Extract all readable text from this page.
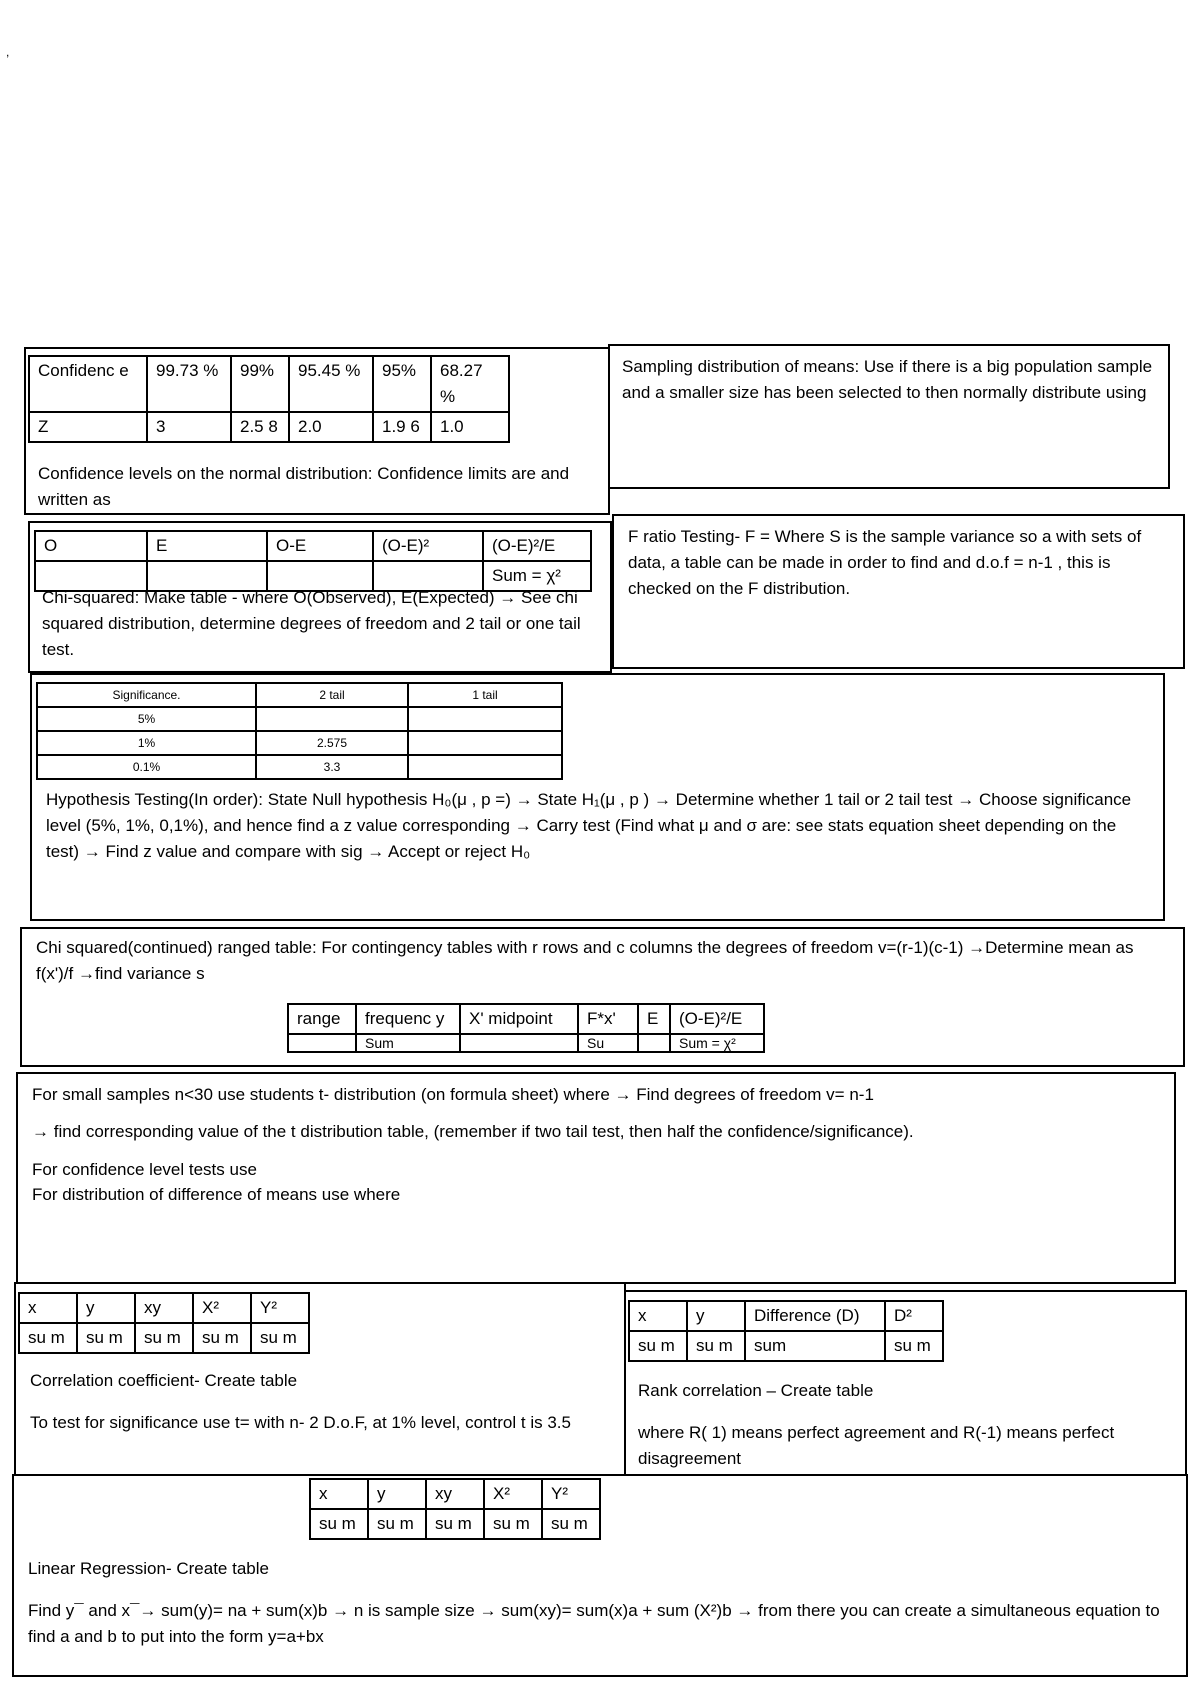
,
Confidenc e	99.73 %	99%	95.45 %	95%	68.27 %
Z	3	2.5 8	2.0	1.9 6	1.0
Confidence levels on the normal distribution: Confidence limits are and written as
Sampling distribution of means: Use if there is a big population sample and a smaller size has been selected to then normally distribute using
O	E	O-E	(O-E)²	(O-E)²/E
				Sum = χ²
Chi-squared: Make table - where O(Observed), E(Expected) → See chi squared distribution, determine degrees of freedom and 2 tail or one tail test.
F ratio Testing- F = Where S is the sample variance so a with sets of data, a table can be made in order to find and d.o.f = n-1 , this is checked on the F distribution.
Significance.	2 tail	1 tail
5%		
1%	2.575	
0.1%	3.3	
Hypothesis Testing(In order): State Null hypothesis H₀(μ , p =) → State H₁(μ , p ) → Determine whether 1 tail or 2 tail test → Choose significance level (5%, 1%, 0,1%), and hence find a z value corresponding → Carry test (Find what μ and σ are: see stats equation sheet depending on the test) → Find z value and compare with sig → Accept or reject H₀
Chi squared(continued) ranged table: For contingency tables with r rows and c columns the degrees of freedom v=(r-1)(c-1) →Determine mean as f(x')/f →find variance s
For small samples n<30 use students t- distribution (on formula sheet) where → Find degrees of freedom v= n-1
→ find corresponding value of the t distribution table, (remember if two tail test, then half the confidence/significance).
For confidence level tests use
For distribution of difference of means use where
range	frequenc y	X' midpoint	F*x'	E	(O-E)²/E
	Sum		Su		Sum = χ²
x	y	xy	X²	Y²
su m	su m	su m	su m	su m
Correlation coefficient- Create table
To test for significance use t= with n- 2 D.o.F, at 1% level, control t is 3.5
x	y	Difference (D)	D²
su m	su m	sum	su m
Rank correlation – Create table
where R( 1) means perfect agreement and R(-1) means perfect disagreement
x	y	xy	X²	Y²
su m	su m	su m	su m	su m
Linear Regression- Create table
Find y¯ and x¯→ sum(y)= na + sum(x)b → n is sample size → sum(xy)= sum(x)a + sum (X²)b → from there you can create a simultaneous equation to find a and b to put into the form y=a+bx
